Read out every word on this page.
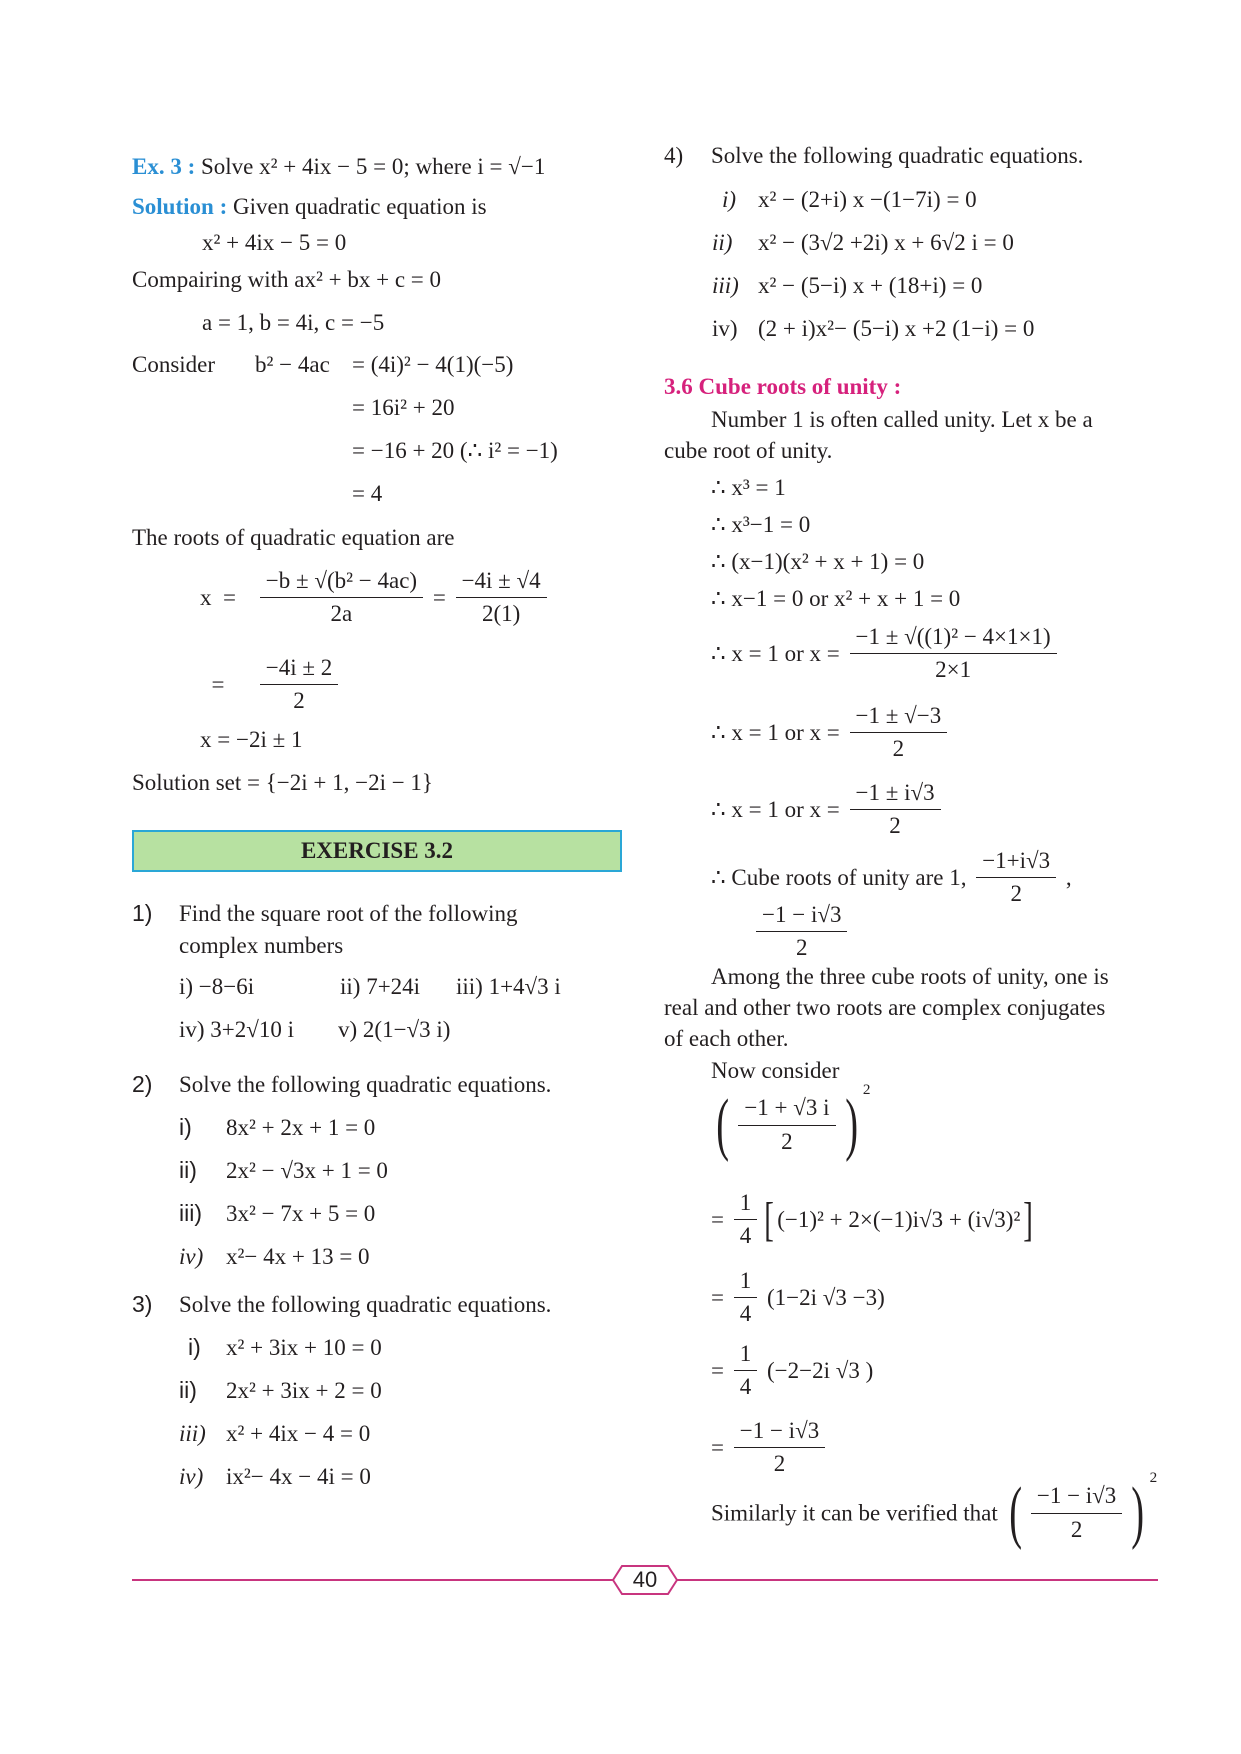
Ex. 3 : Solve x² + 4ix − 5 = 0; where i = √−1
Solution : Given quadratic equation is
x² + 4ix − 5 = 0
Compairing with ax² + bx + c = 0
a = 1, b = 4i, c = −5
Consider b² − 4ac = (4i)² − 4(1)(−5)
= 16i² + 20
= −16 + 20 (∴ i² = −1)
= 4
The roots of quadratic equation are
$x = \frac{\text{−b ± √(b² − 4ac)}}{2a} = \frac{-4i \pm √4}{2(1)}$
= $\frac{-4i \pm 2}{2}$
x = −2i ± 1
Solution set = {−2i + 1, −2i − 1}
EXERCISE 3.2
1) Find the square root of the following
complex numbers
i) −8−6i	ii) 7+24i iii) 1+4√3 i
iv) 3+2√10 i v) 2(1−√3 i)
2) Solve the following quadratic equations.
i) 8x² + 2x + 1 = 0
ii) 2x² − √3x + 1 = 0
iii) 3x² − 7x + 5 = 0
iv) x²− 4x + 13 = 0
3) Solve the following quadratic equations.
i) x² + 3ix + 10 = 0
ii) 2x² + 3ix + 2 = 0
iii) x² + 4ix − 4 = 0
iv) ix²− 4x − 4i = 0
4) Solve the following quadratic equations.
i) x² − (2+i) x −(1−7i) = 0
ii) x² − (3√2 +2i) x + 6√2 i = 0
iii) x² − (5−i) x + (18+i) = 0
iv) (2 + i)x²− (5−i) x +2 (1−i) = 0
3.6 Cube roots of unity :
Number 1 is often called unity. Let x be a
cube root of unity.
∴ x³ = 1
∴ x³−1 = 0
∴ (x−1)(x² + x + 1) = 0
∴ x−1 = 0 or x² + x + 1 = 0
∴ x = 1 or $x = \frac{\text{−1 ± √((1)² − 4×1×1)}}{2\times 1}$
∴ x = 1 or $x = \frac{-1 \pm √-3}{2}$
∴ x = 1 or $x = \frac{-1 \pm i√3}{2}$
∴ Cube roots of unity are 1, $\frac{-1+i√3}{2}$ ,
$\frac{-1 - i√3}{2}$
Among the three cube roots of unity, one is
real and other two roots are complex conjugates
of each other.
Now consider
( $\frac{-1 + √3 i}{2}$ ) $^2$
= $\frac{1}{4}$ [ (−1)² + 2×(−1)i√3 + (i√3)²]
= $\frac{1}{4} (1-2i$ √3 −3)
= $\frac{1}{4} (-2-2i$ √3 )
= $\frac{-1 - i√3}{2}$
Similarly it can be verified that ( $\frac{-1 - i√3}{2}$ ) $^2$
40
